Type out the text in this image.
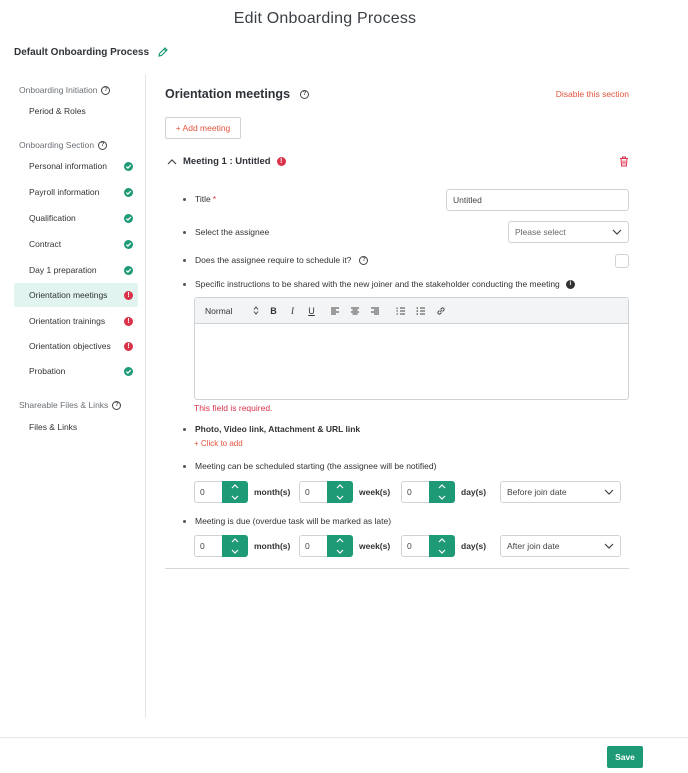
Edit Onboarding Process
Default Onboarding Process
Onboarding Initiation	?
Period & Roles
Onboarding Section	?
Personal information
Payroll information
Qualification
Contract
Day 1 preparation
Orientation meetings	!
Orientation trainings	!
Orientation objectives	!
Probation
Shareable Files & Links	?
Files & Links
Orientation meetings	?	Disable this section
+ Add meeting
Meeting 1 : Untitled	!
Title *	Untitled
Select the assignee	Please select
Does the assignee require to schedule it?	?
Specific instructions to be shared with the new joiner and the stakeholder conducting the meeting	i
Normal	B	I	U
This field is required.
Photo, Video link, Attachment & URL link
+ Click to add
Meeting can be scheduled starting (the assignee will be notified)
0	month(s)	0	week(s)	0	day(s) Before join date
Meeting is due (overdue task will be marked as late)
0	month(s)	0	week(s)	0	day(s) After join date
Save
